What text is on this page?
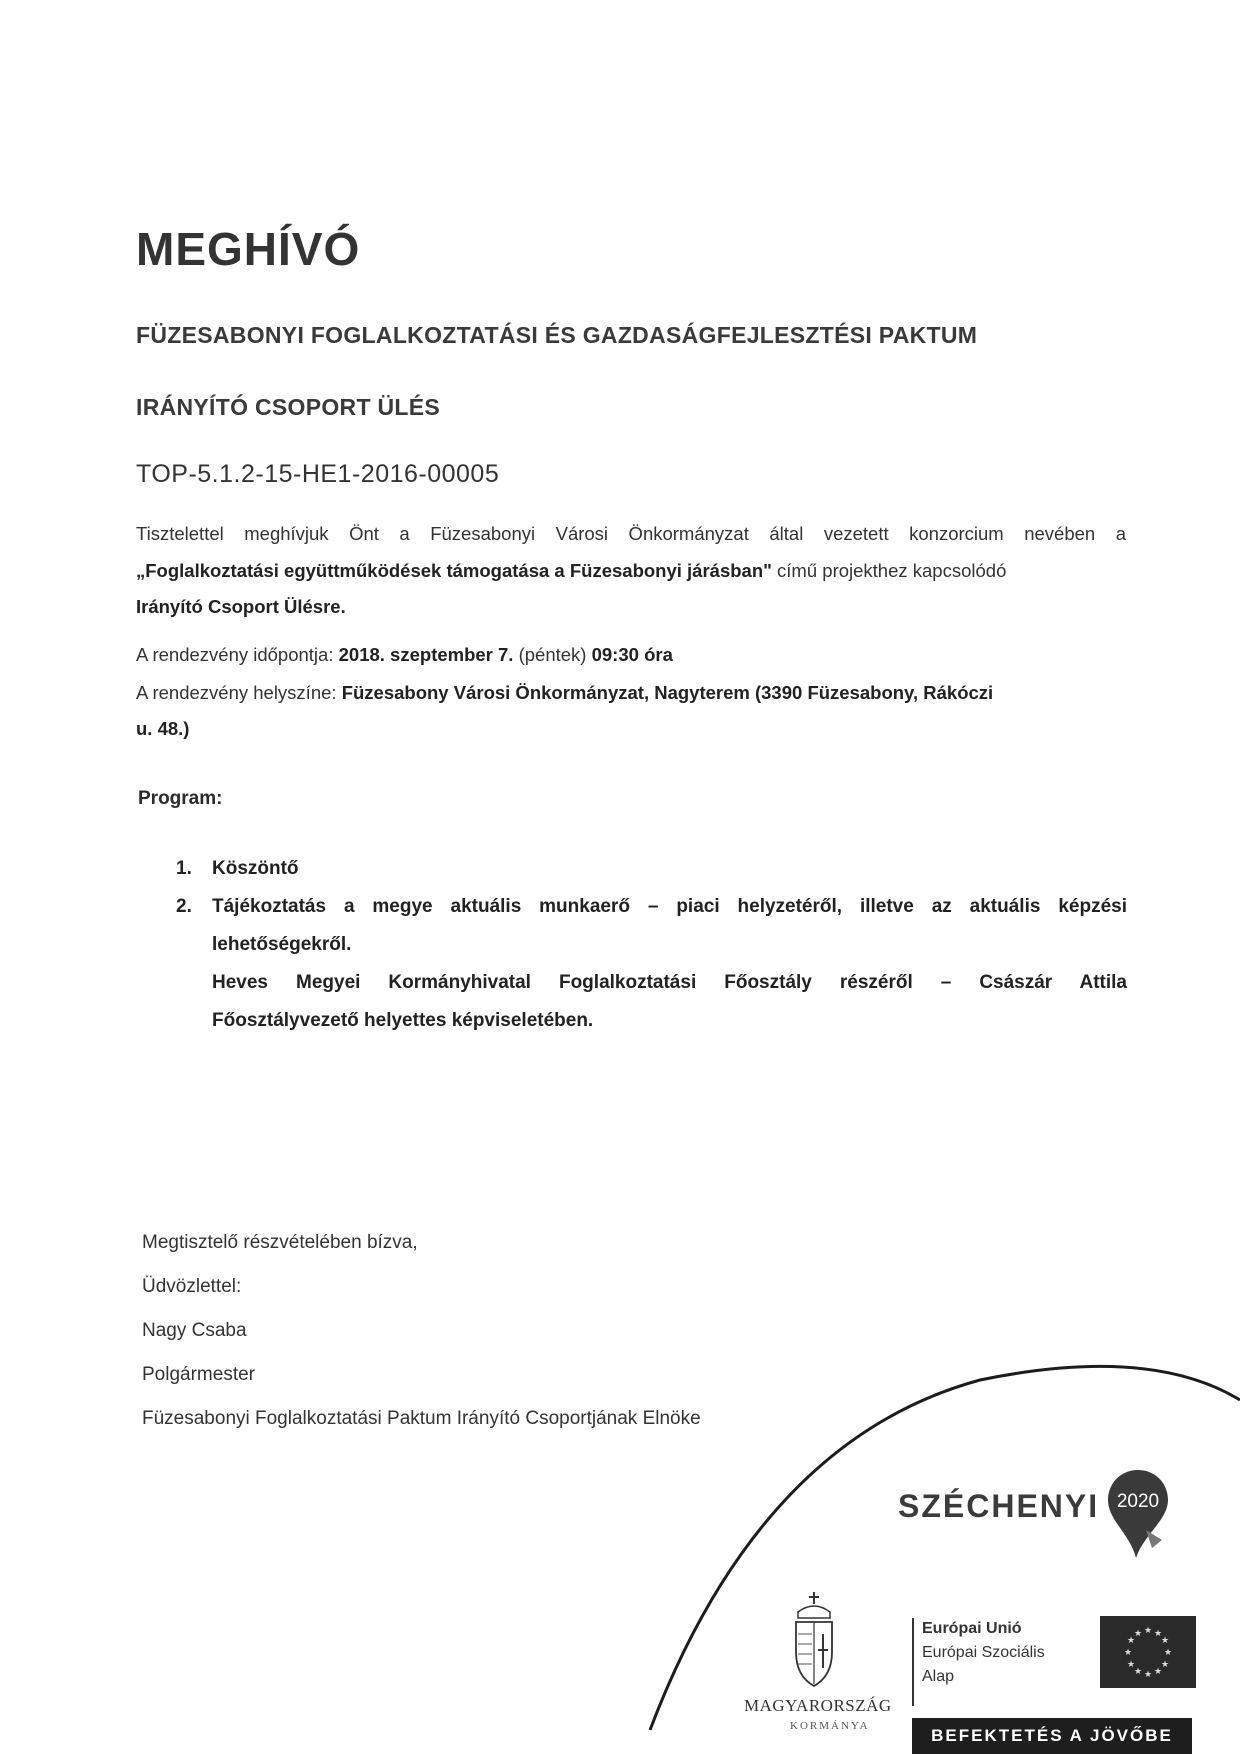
MEGHÍVÓ
FÜZESABONYI FOGLALKOZTATÁSI ÉS GAZDASÁGFEJLESZTÉSI PAKTUM
IRÁNYÍTÓ CSOPORT ÜLÉS
TOP-5.1.2-15-HE1-2016-00005
Tisztelettel meghívjuk Önt a Füzesabonyi Városi Önkormányzat által vezetett konzorcium nevében a
„Foglalkoztatási együttműködések támogatása a Füzesabonyi járásban" című projekthez kapcsolódó
Irányító Csoport Ülésre.
A rendezvény időpontja: 2018. szeptember 7. (péntek) 09:30 óra
A rendezvény helyszíne: Füzesabony Városi Önkormányzat, Nagyterem (3390 Füzesabony, Rákóczi
u. 48.)
Program:
1. Köszöntő
2. Tájékoztatás a megye aktuális munkaerő – piaci helyzetéről, illetve az aktuális képzési
lehetőségekről.
Heves Megyei Kormányhivatal Foglalkoztatási Főosztály részéről – Császár Attila
Főosztályvezető helyettes képviseletében.
Megtisztelő részvételében bízva,
Üdvözlettel:
Nagy Csaba
Polgármester
Füzesabonyi Foglalkoztatási Paktum Irányító Csoportjának Elnöke
SZÉCHENYI 2020
MAGYARORSZÁG
KORMÁNYA
Európai Unió
Európai Szociális
Alap
★ ★
★
★
★
★
★
★
★
★
★
★
BEFEKTETÉS A JÖVŐBE
